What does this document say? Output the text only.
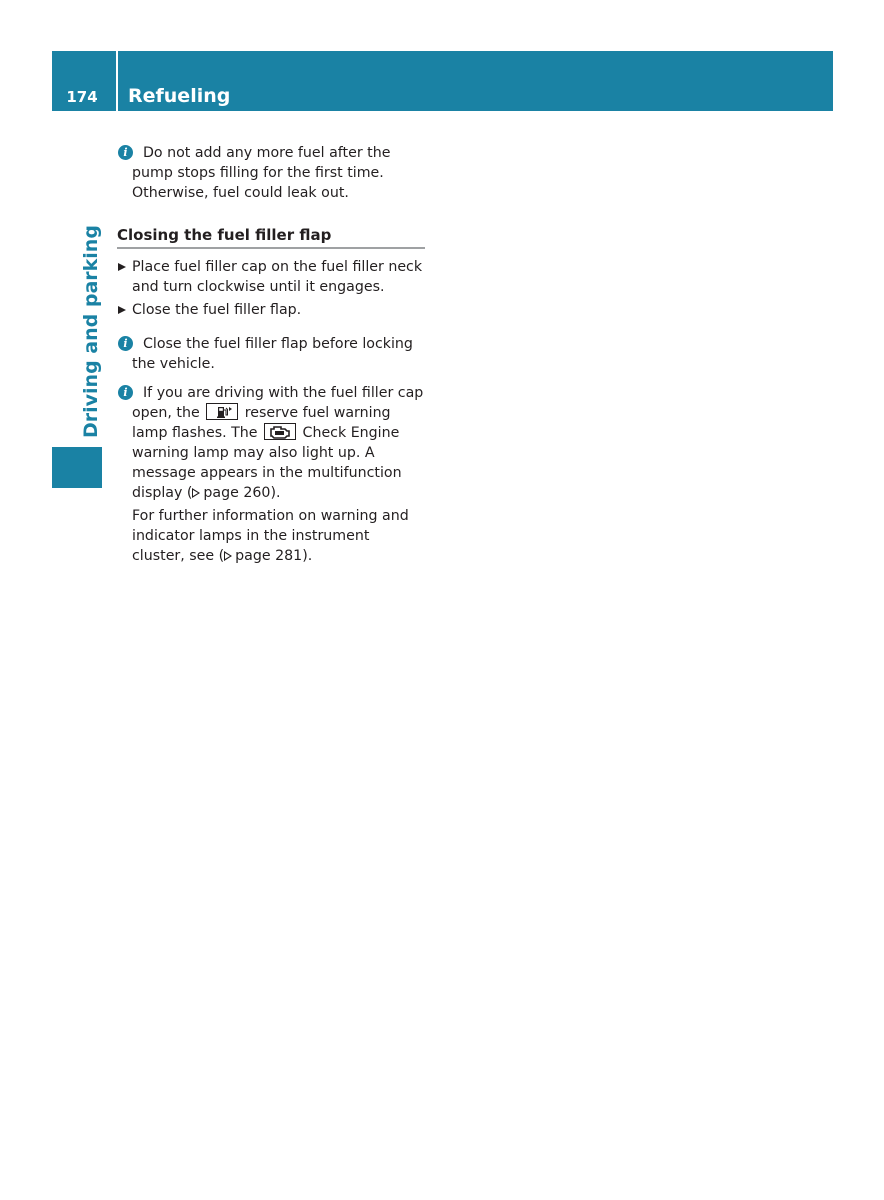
174	Refueling
Driving and parking
i	Do not add any more fuel after the pump stops filling for the first time. Otherwise, fuel could leak out.
Closing the fuel filler flap
Place fuel filler cap on the fuel filler neck and turn clockwise until it engages.
Close the fuel filler flap.
i	Close the fuel filler flap before locking the vehicle.
i	If you are driving with the fuel filler cap open, the	reserve fuel warning lamp flashes. The	Check Engine warning lamp may also light up. A message appears in the multifunction display ( page 260).
For further information on warning and indicator lamps in the instrument cluster, see ( page 281).
